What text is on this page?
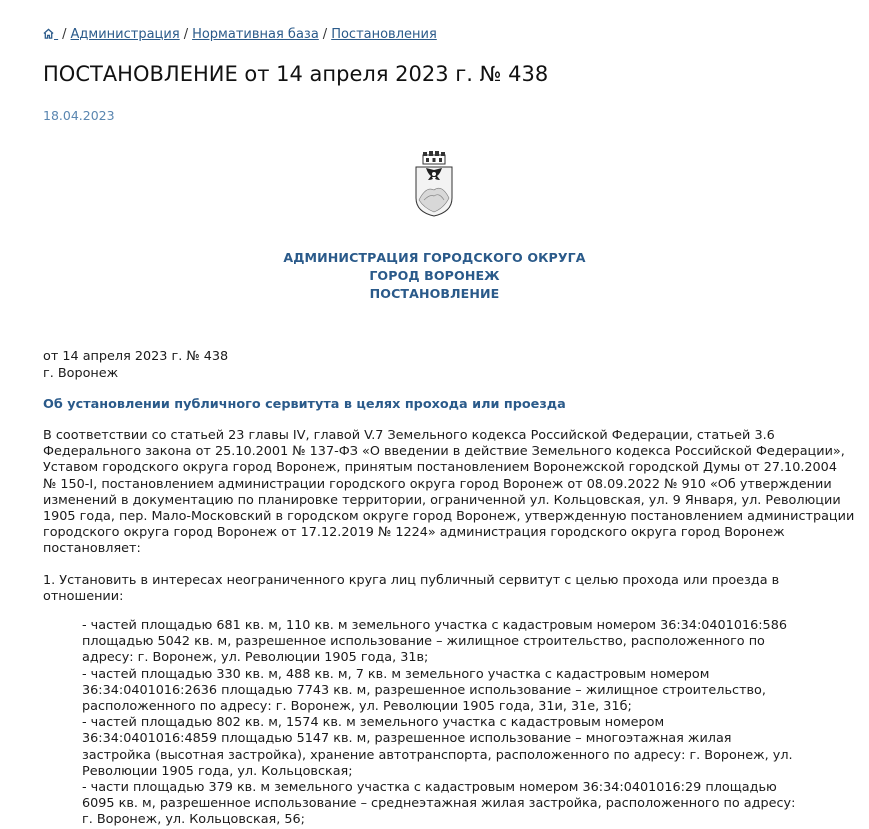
/ Администрация / Нормативная база / Постановления
ПОСТАНОВЛЕНИЕ от 14 апреля 2023 г. № 438
18.04.2023
АДМИНИСТРАЦИЯ ГОРОДСКОГО ОКРУГА
ГОРОД ВОРОНЕЖ
ПОСТАНОВЛЕНИЕ
от 14 апреля 2023 г. № 438
г. Воронеж
Об установлении публичного сервитута в целях прохода или проезда
В соответствии со статьей 23 главы IV, главой V.7 Земельного кодекса Российской Федерации, статьей 3.6
Федерального закона от 25.10.2001 № 137-ФЗ «О введении в действие Земельного кодекса Российской Федерации»,
Уставом городского округа город Воронеж, принятым постановлением Воронежской городской Думы от 27.10.2004
№ 150-I, постановлением администрации городского округа город Воронеж от 08.09.2022 № 910 «Об утверждении
изменений в документацию по планировке территории, ограниченной ул. Кольцовская, ул. 9 Января, ул. Революции
1905 года, пер. Мало-Московский в городском округе город Воронеж, утвержденную постановлением администрации
городского округа город Воронеж от 17.12.2019 № 1224» администрация городского округа город Воронеж
постановляет:
1. Установить в интересах неограниченного круга лиц публичный сервитут с целью прохода или проезда в
отношении:
- частей площадью 681 кв. м, 110 кв. м земельного участка с кадастровым номером 36:34:0401016:586
площадью 5042 кв. м, разрешенное использование – жилищное строительство, расположенного по
адресу: г. Воронеж, ул. Революции 1905 года, 31в;
- частей площадью 330 кв. м, 488 кв. м, 7 кв. м земельного участка с кадастровым номером
36:34:0401016:2636 площадью 7743 кв. м, разрешенное использование – жилищное строительство,
расположенного по адресу: г. Воронеж, ул. Революции 1905 года, 31и, 31е, 31б;
- частей площадью 802 кв. м, 1574 кв. м земельного участка с кадастровым номером
36:34:0401016:4859 площадью 5147 кв. м, разрешенное использование – многоэтажная жилая
застройка (высотная застройка), хранение автотранспорта, расположенного по адресу: г. Воронеж, ул.
Революции 1905 года, ул. Кольцовская;
- части площадью 379 кв. м земельного участка с кадастровым номером 36:34:0401016:29 площадью
6095 кв. м, разрешенное использование – среднеэтажная жилая застройка, расположенного по адресу:
г. Воронеж, ул. Кольцовская, 56;
